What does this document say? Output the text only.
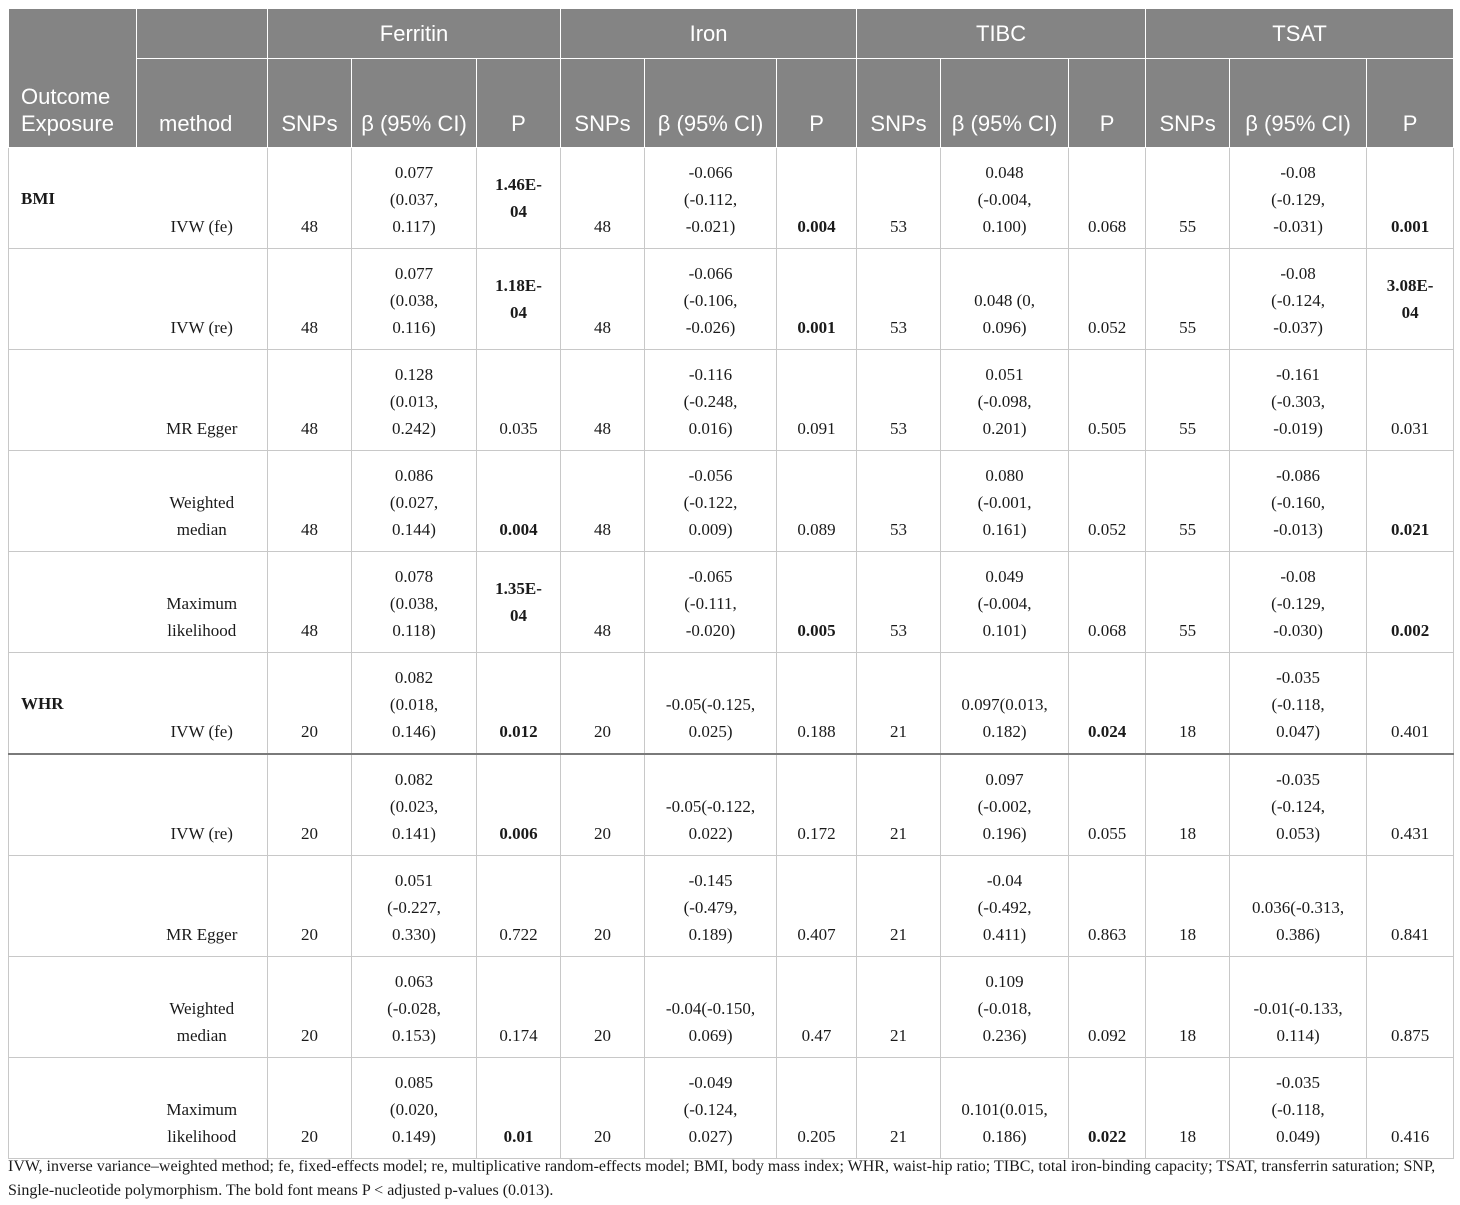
Outcome
Exposure		Ferritin			Iron			TIBC			TSAT		
	method	SNPs	β (95% CI)	P	SNPs	β (95% CI)	P	SNPs	β (95% CI)	P	SNPs	β (95% CI)	P
BMI	IVW (fe)	48	0.077
(0.037,
0.117)	1.46E-
04	48	-0.066
(-0.112,
-0.021)	0.004	53	0.048
(-0.004,
0.100)	0.068	55	-0.08
(-0.129,
-0.031)	0.001
	IVW (re)	48	0.077
(0.038,
0.116)	1.18E-
04	48	-0.066
(-0.106,
-0.026)	0.001	53	0.048 (0,
0.096)	0.052	55	-0.08
(-0.124,
-0.037)	3.08E-
04
	MR Egger	48	0.128
(0.013,
0.242)	0.035	48	-0.116
(-0.248,
0.016)	0.091	53	0.051
(-0.098,
0.201)	0.505	55	-0.161
(-0.303,
-0.019)	0.031
	Weighted
median	48	0.086
(0.027,
0.144)	0.004	48	-0.056
(-0.122,
0.009)	0.089	53	0.080
(-0.001,
0.161)	0.052	55	-0.086
(-0.160,
-0.013)	0.021
	Maximum
likelihood	48	0.078
(0.038,
0.118)	1.35E-
04	48	-0.065
(-0.111,
-0.020)	0.005	53	0.049
(-0.004,
0.101)	0.068	55	-0.08
(-0.129,
-0.030)	0.002
WHR	IVW (fe)	20	0.082
(0.018,
0.146)	0.012	20	-0.05(-0.125,
0.025)	0.188	21	0.097(0.013,
0.182)	0.024	18	-0.035
(-0.118,
0.047)	0.401
	IVW (re)	20	0.082
(0.023,
0.141)	0.006	20	-0.05(-0.122,
0.022)	0.172	21	0.097
(-0.002,
0.196)	0.055	18	-0.035
(-0.124,
0.053)	0.431
	MR Egger	20	0.051
(-0.227,
0.330)	0.722	20	-0.145
(-0.479,
0.189)	0.407	21	-0.04
(-0.492,
0.411)	0.863	18	0.036(-0.313,
0.386)	0.841
	Weighted
median	20	0.063
(-0.028,
0.153)	0.174	20	-0.04(-0.150,
0.069)	0.47	21	0.109
(-0.018,
0.236)	0.092	18	-0.01(-0.133,
0.114)	0.875
	Maximum
likelihood	20	0.085
(0.020,
0.149)	0.01	20	-0.049
(-0.124,
0.027)	0.205	21	0.101(0.015,
0.186)	0.022	18	-0.035
(-0.118,
0.049)	0.416

IVW, inverse variance–weighted method; fe, fixed-effects model; re, multiplicative random-effects model; BMI, body mass index; WHR, waist-hip ratio; TIBC, total iron-binding capacity; TSAT, transferrin saturation; SNP, Single-nucleotide polymorphism. The bold font means P < adjusted p-values (0.013).
